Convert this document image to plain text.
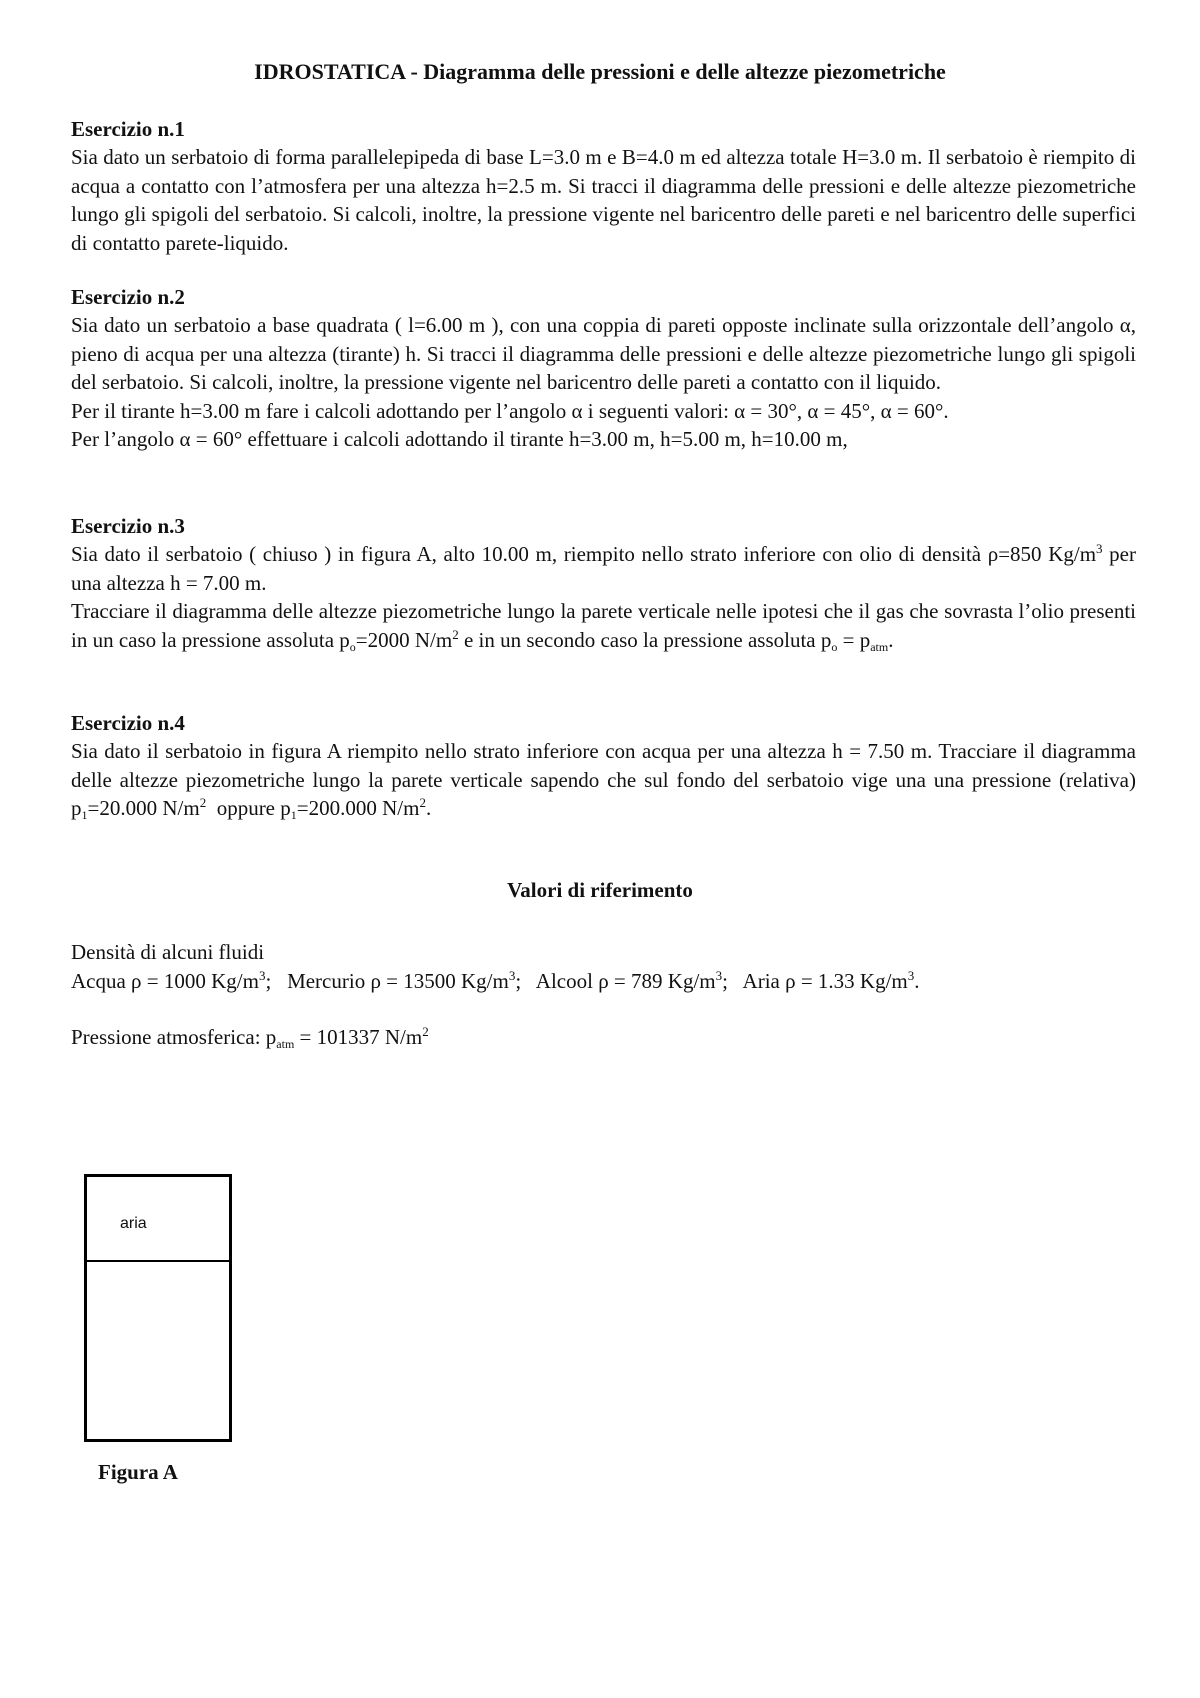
IDROSTATICA - Diagramma delle pressioni e delle altezze piezometriche
Esercizio n.1
Sia dato un serbatoio di forma parallelepipeda di base L=3.0 m e B=4.0 m ed altezza totale H=3.0 m. Il serbatoio è riempito di acqua a contatto con l’atmosfera per una altezza h=2.5 m. Si tracci il diagramma delle pressioni e delle altezze piezometriche lungo gli spigoli del serbatoio. Si calcoli, inoltre, la pressione vigente nel baricentro delle pareti e nel baricentro delle superfici di contatto parete-liquido.
Esercizio n.2
Sia dato un serbatoio a base quadrata ( l=6.00 m ), con una coppia di pareti opposte inclinate sulla orizzontale dell’angolo α, pieno di acqua per una altezza (tirante) h. Si tracci il diagramma delle pressioni e delle altezze piezometriche lungo gli spigoli del serbatoio. Si calcoli, inoltre, la pressione vigente nel baricentro delle pareti a contatto con il liquido.
Per il tirante h=3.00 m fare i calcoli adottando per l’angolo α i seguenti valori: α = 30°, α = 45°, α = 60°.
Per l’angolo α = 60° effettuare i calcoli adottando il tirante h=3.00 m, h=5.00 m, h=10.00 m,
Esercizio n.3
Sia dato il serbatoio ( chiuso ) in figura A, alto 10.00 m, riempito nello strato inferiore con olio di densità ρ=850 $Kg/m^3$ per una altezza h = 7.00 m.
Tracciare il diagramma delle altezze piezometriche lungo la parete verticale nelle ipotesi che il gas che sovrasta l’olio presenti in un caso la pressione assoluta $p_o=2000$ $N/m^2$ e in un secondo caso la pressione assoluta $p_o = p_{atm}$.
Esercizio n.4
Sia dato il serbatoio in figura A riempito nello strato inferiore con acqua per una altezza h = 7.50 m. Tracciare il diagramma delle altezze piezometriche lungo la parete verticale sapendo che sul fondo del serbatoio vige una una pressione (relativa) $p_1=20.000$ $N/m^2$  oppure $p_1=200.000$ $N/m^2$.
Valori di riferimento
Densità di alcuni fluidi
Acqua ρ = 1000 $Kg/m^3$; Mercurio ρ = 13500 $Kg/m^3$; Alcool ρ = 789 $Kg/m^3$; Aria ρ = 1.33 $Kg/m^3$.
Pressione atmosferica: $p_{atm} = 101337$ $N/m^2$
aria
Figura A
